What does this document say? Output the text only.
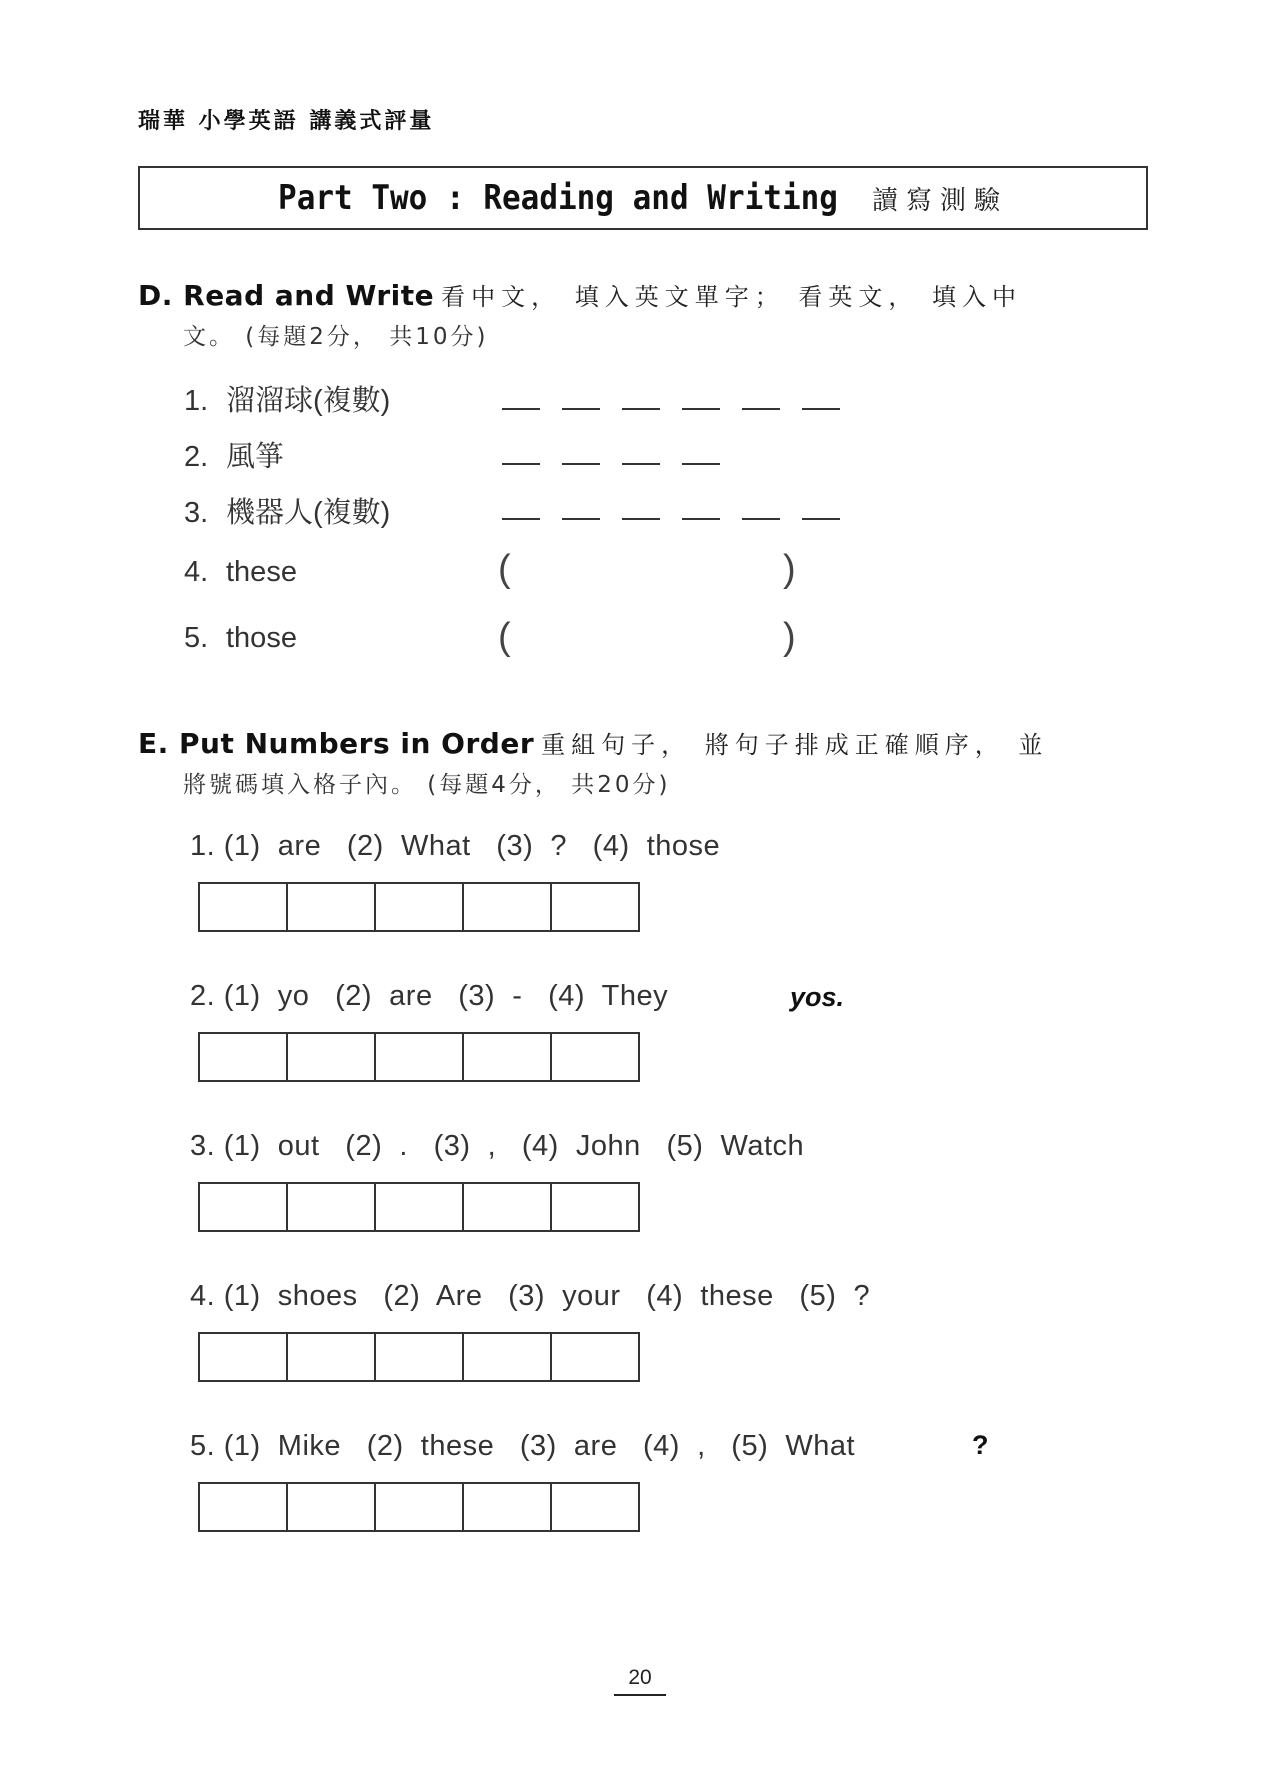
瑞華 小學英語 講義式評量
Part Two : Reading and Writing 讀寫測驗
D. Read and Write 看中文， 填入英文單字； 看英文， 填入中
文。 (每題2分， 共10分)
1. 溜溜球(複數)
2. 風箏
3. 機器人(複數)
4. these	(	)
5. those	(	)
E. Put Numbers in Order 重組句子， 將句子排成正確順序， 並
將號碼填入格子內。 (每題4分， 共20分)
1. (1)  are   (2)  What   (3)  ?   (4)  those
2. (1)  yo   (2)  are   (3)  -   (4)  They	yos.
3. (1)  out   (2)  .   (3)  ,   (4)  John   (5)  Watch
4. (1)  shoes   (2)  Are   (3)  your   (4)  these   (5)  ?
5. (1)  Mike   (2)  these   (3)  are   (4)  ,   (5)  What	?
20
